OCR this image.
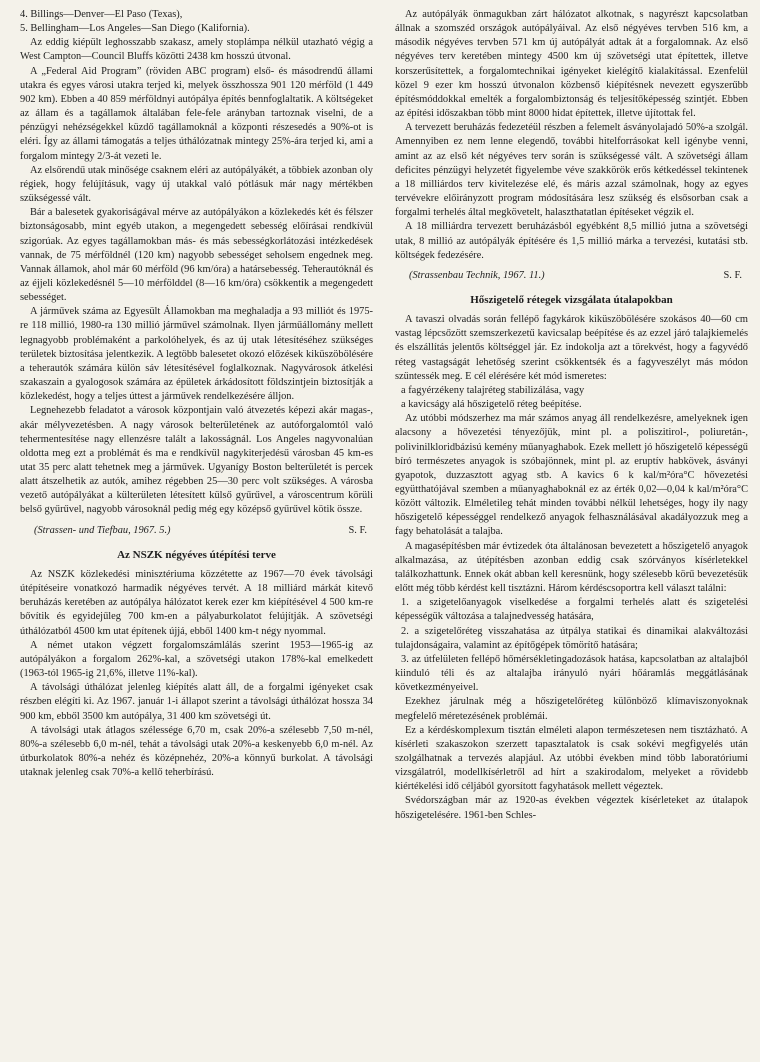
4. Billings—Denver—El Paso (Texas),

5. Bellingham—Los Angeles—San Diego (Kalifornia).

Az eddig kiépült leghosszabb szakasz, amely stoplámpa nélkül utazható végig a West Campton—Council Bluffs közötti 2438 km hosszú útvonal.

A „Federal Aid Program” (röviden ABC program) első- és másodrendű állami utakra és egyes városi utakra terjed ki, melyek összhossza 901 120 mérföld (1 449 902 km). Ebben a 40 859 mérföldnyi autópálya építés bennfoglaltatik. A költségeket az állam és a tagállamok általában fele-fele arányban tartoznak viselni, de a pénzügyi nehézségekkel küzdő tagállamoknál a központi részesedés a 90%-ot is eléri. Így az állami támogatás a teljes úthálózatnak mintegy 25%-ára terjed ki, ami a forgalom mintegy 2/3-át vezeti le.

Az elsőrendű utak minősége csaknem eléri az autópályákét, a többiek azonban oly régiek, hogy felújításuk, vagy új utakkal való pótlásuk már nagy mértékben szükségessé vált.

Bár a balesetek gyakoriságával mérve az autópályákon a közlekedés két és félszer biztonságosabb, mint egyéb utakon, a megengedett sebesség előírásai rendkívül szigorúak. Az egyes tagállamokban más- és más sebességkorlátozási intézkedések vannak, de 75 mérföldnél (120 km) nagyobb sebességet seholsem engednek meg. Vannak államok, ahol már 60 mérföld (96 km/óra) a határsebesség. Teherautóknál és az éjjeli közlekedésnél 5—10 mérfölddel (8—16 km/óra) csökkentik a megengedett sebességet.

A járművek száma az Egyesült Államokban ma meghaladja a 93 milliót és 1975-re 118 millió, 1980-ra 130 millió járművel számolnak. Ilyen járműállomány mellett legnagyobb problémaként a parkolóhelyek, és az új utak létesítéséhez szükséges területek biztosítása jelentkezik. A legtöbb balesetet okozó előzések kiküszöbölésére a teherautók számára külön sáv létesítésével foglalkoznak. Nagyvárosok átkelési szakaszain a gyalogosok számára az épületek árkádosított földszintjein biztosítják a közlekedést, hogy a teljes úttest a járművek rendelkezésére álljon.

Legnehezebb feladatot a városok központjain való átvezetés képezi akár magas-, akár mélyvezetésben. A nagy városok belterületének az autóforgalomtól való tehermentesítése nagy ellenzésre talált a lakosságnál. Los Angeles nagyvonalúan oldotta meg ezt a problémát és ma e rendkívül nagykiterjedésű városban 45 km-es utat 35 perc alatt tehetnek meg a járművek. Ugyanígy Boston belterületét is percek alatt átszelhetik az autók, amihez régebben 25—30 perc volt szükséges. A városba vezető autópályákat a külterületen létesített külső gyűrűvel, a városcentrum körüli belső gyűrűvel, nagyobb városoknál pedig még egy középső gyűrűvel kötik össze.

(Strassen- und Tiefbau, 1967. 5.)	S. F.
Az NSZK négyéves útépítési terve

Az NSZK közlekedési minisztériuma közzétette az 1967—70 évek távolsági útépítéseire vonatkozó harmadik négyéves tervét. A 18 milliárd márkát kitevő beruházás keretében az autópálya hálózatot kerek ezer km kiépítésével 4 500 km-re bővítik és egyidejűleg 700 km-en a pályaburkolatot felújítják. A szövetségi úthálózatból 4500 km utat építenek újjá, ebből 1400 km-t négy nyommal.

A német utakon végzett forgalomszámlálás szerint 1953—1965-ig az autópályákon a forgalom 262%-kal, a szövetségi utakon 178%-kal emelkedett (1963-tól 1965-ig 21,6%, illetve 11%-kal).

A távolsági úthálózat jelenleg kiépítés alatt áll, de a forgalmi igényeket csak részben elégíti ki. Az 1967. január 1-i állapot szerint a távolsági úthálózat hossza 34 900 km, ebből 3500 km autópálya, 31 400 km szövetségi út.

A távolsági utak átlagos szélessége 6,70 m, csak 20%-a szélesebb 7,50 m-nél, 80%-a szélesebb 6,0 m-nél, tehát a távolsági utak 20%-a keskenyebb 6,0 m-nél. Az útburkolatok 80%-a nehéz és középnehéz, 20%-a könnyű burkolat. A távolsági utaknak jelenleg csak 70%-a kellő teherbírású.

Az autópályák önmagukban zárt hálózatot alkotnak, s nagyrészt kapcsolatban állnak a szomszéd országok autópályáival. Az első négyéves tervben 516 km, a második négyéves tervben 571 km új autópályát adtak át a forgalomnak. Az első négyéves terv keretében mintegy 4500 km új szövetségi utat építettek, illetve korszerűsítettek, a forgalomtechnikai igényeket kielégítő kialakítással. Ezenfelül közel 9 ezer km hosszú útvonalon közbenső kiépítésnek nevezett egyszerűbb építésmóddokkal emelték a forgalombiztonság és teljesítőképesség szintjét. Ebben az építési időszakban több mint 8000 hidat építettek, illetve újítottak fel.

A tervezett beruházás fedezetéül részben a felemelt ásványolajadó 50%-a szolgál. Amennyiben ez nem lenne elegendő, további hitelforrásokat kell igénybe venni, amint az az első két négyéves terv során is szükségessé vált. A szövetségi állam deficites pénzügyi helyzetét figyelembe véve szakkörök erős kétkedéssel tekintenek a 18 milliárdos terv kivitelezése elé, és máris azzal számolnak, hogy az egyes tervévekre előirányzott program módosítására lesz szükség és elsősorban csak a forgalmi terhelés által megkövetelt, halaszthatatlan építéseket végzik el.

A 18 milliárdra tervezett beruházásból egyébként 8,5 millió jutna a szövetségi utak, 8 millió az autópályák építésére és 1,5 millió márka a tervezési, kutatási stb. költségek fedezésére.

(Strassenbau Technik, 1967. 11.)	S. F.
Hőszigetelő rétegek vizsgálata útalapokban

A tavaszi olvadás során fellépő fagykárok kiküszöbölésére szokásos 40—60 cm vastag lépcsőzött szemszerkezetű kavicsalap beépítése és az ezzel járó talajkiemelés és elszállítás jelentős költséggel jár. Ez indokolja azt a törekvést, hogy a fagyvédő réteg vastagságát lehetőség szerint csökkentsék és a fagyveszélyt más módon szüntessék meg. E cél elérésére két mód ismeretes:

a fagyérzékeny talajréteg stabilizálása, vagy

a kavicságy alá hőszigetelő réteg beépítése.

Az utóbbi módszerhez ma már számos anyag áll rendelkezésre, amelyeknek igen alacsony a hővezetési tényezőjük, mint pl. a poliszitirol-, poliuretán-, polivinilkloridbázisú kemény műanyaghabok. Ezek mellett jó hőszigetelő képességű bíró természetes anyagok is szóbajönnek, mint pl. az eruptív habkövek, ásványi gyapotok, duzzasztott agyag stb. A kavics 6 k kal/m²óra°C hővezetési együtthatójával szemben a műanyaghaboknál ez az érték 0,02—0,04 k kal/m²óra°C között változik. Elméletileg tehát minden további nélkül lehetséges, hogy ily nagy hőszigetelő képességgel rendelkező anyagok felhasználásával akadályozzuk meg a fagy behatolását a talajba.

A magasépítésben már évtizedek óta általánosan bevezetett a hőszigetelő anyagok alkalmazása, az útépítésben azonban eddig csak szórványos kísérletekkel találkozhattunk. Ennek okát abban kell keresnünk, hogy szélesebb körű bevezetésük előtt még több kérdést kell tisztázni. Három kérdéscsoportra kell választ találni:

1. a szigetelőanyagok viselkedése a forgalmi terhelés alatt és szigetelési képességük változása a talajnedvesség hatására,

2. a szigetelőréteg visszahatása az útpálya statikai és dinamikai alakváltozási tulajdonságaira, valamint az építőgépek tömörítő hatására;

3. az útfelületen fellépő hőmérsékletingadozások hatása, kapcsolatban az altalajból kiinduló téli és az altalajba irányuló nyári hőáramlás meggátlásának következményeivel.

Ezekhez járulnak még a hőszigetelőréteg különböző klímaviszonyoknak megfelelő méretezésének problémái.

Ez a kérdéskomplexum tisztán elméleti alapon természetesen nem tisztázható. A kísérleti szakaszokon szerzett tapasztalatok is csak sokévi megfigyelés után szolgálhatnak a tervezés alapjául. Az utóbbi években mind több laboratóriumi vizsgálatról, modellkísérletről ad hírt a szakirodalom, melyeket a rövidebb kiértékelési idő céljából gyorsított fagyhatások mellett végeztek.

Svédországban már az 1920-as években végeztek kísérleteket az útalapok hőszigetelésére. 1961-ben Schles-
